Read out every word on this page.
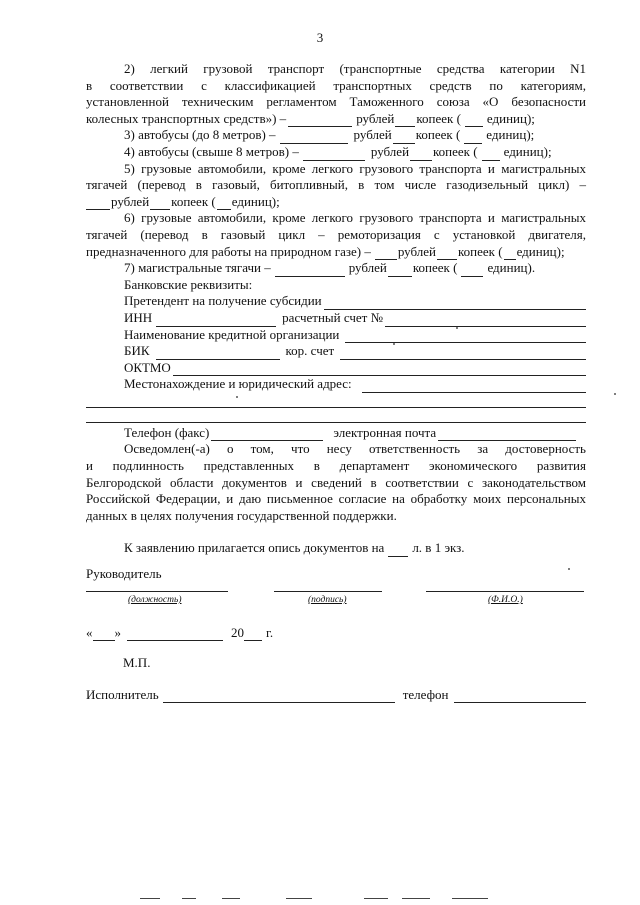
3

2) легкий грузовой транспорт (транспортные средства категории N1

в соответствии с классификацией транспортных средств по категориям,

установленной техническим регламентом Таможенного союза «О безопасности

колесных транспортных средств») –	рублей копеек ( единиц);
3) автобусы (до 8 метров) –	рублей копеек ( единиц);
4) автобусы (свыше 8 метров) –	рублей копеек ( единиц);

5) грузовые автомобили, кроме легкого грузового транспорта и магистральных

тягачей (перевод в газовый, битопливный, в том числе газодизельный цикл) –

рублей копеек ( единиц);

6) грузовые автомобили, кроме легкого грузового транспорта и магистральных

тягачей (перевод в газовый цикл – ремоторизация с установкой двигателя,

предназначенного для работы на природном газе) – рублей копеек ( единиц);
7) магистральные тягачи –	рублей копеек ( единиц).

Банковские реквизиты:

Претендент на получение субсидии
ИНН	расчетный счет №
Наименование кредитной организации
БИК	кор. счет
ОКТМО
Местонахождение и юридический адрес:
Телефон (факс)	электронная почта

Осведомлен(-а) о том, что несу ответственность за достоверность

и подлинность представленных в департамент экономического развития

Белгородской области документов и сведений в соответствии с законодательством

Российской Федерации, и даю письменное согласие на обработку моих персональных

данных в целях получения государственной поддержки.

К заявлению прилагается опись документов на л. в 1 экз.
Руководитель
(должность)	(подпись)	(Ф.И.О.)
« »	20 г.
М.П.
Исполнитель	телефон
